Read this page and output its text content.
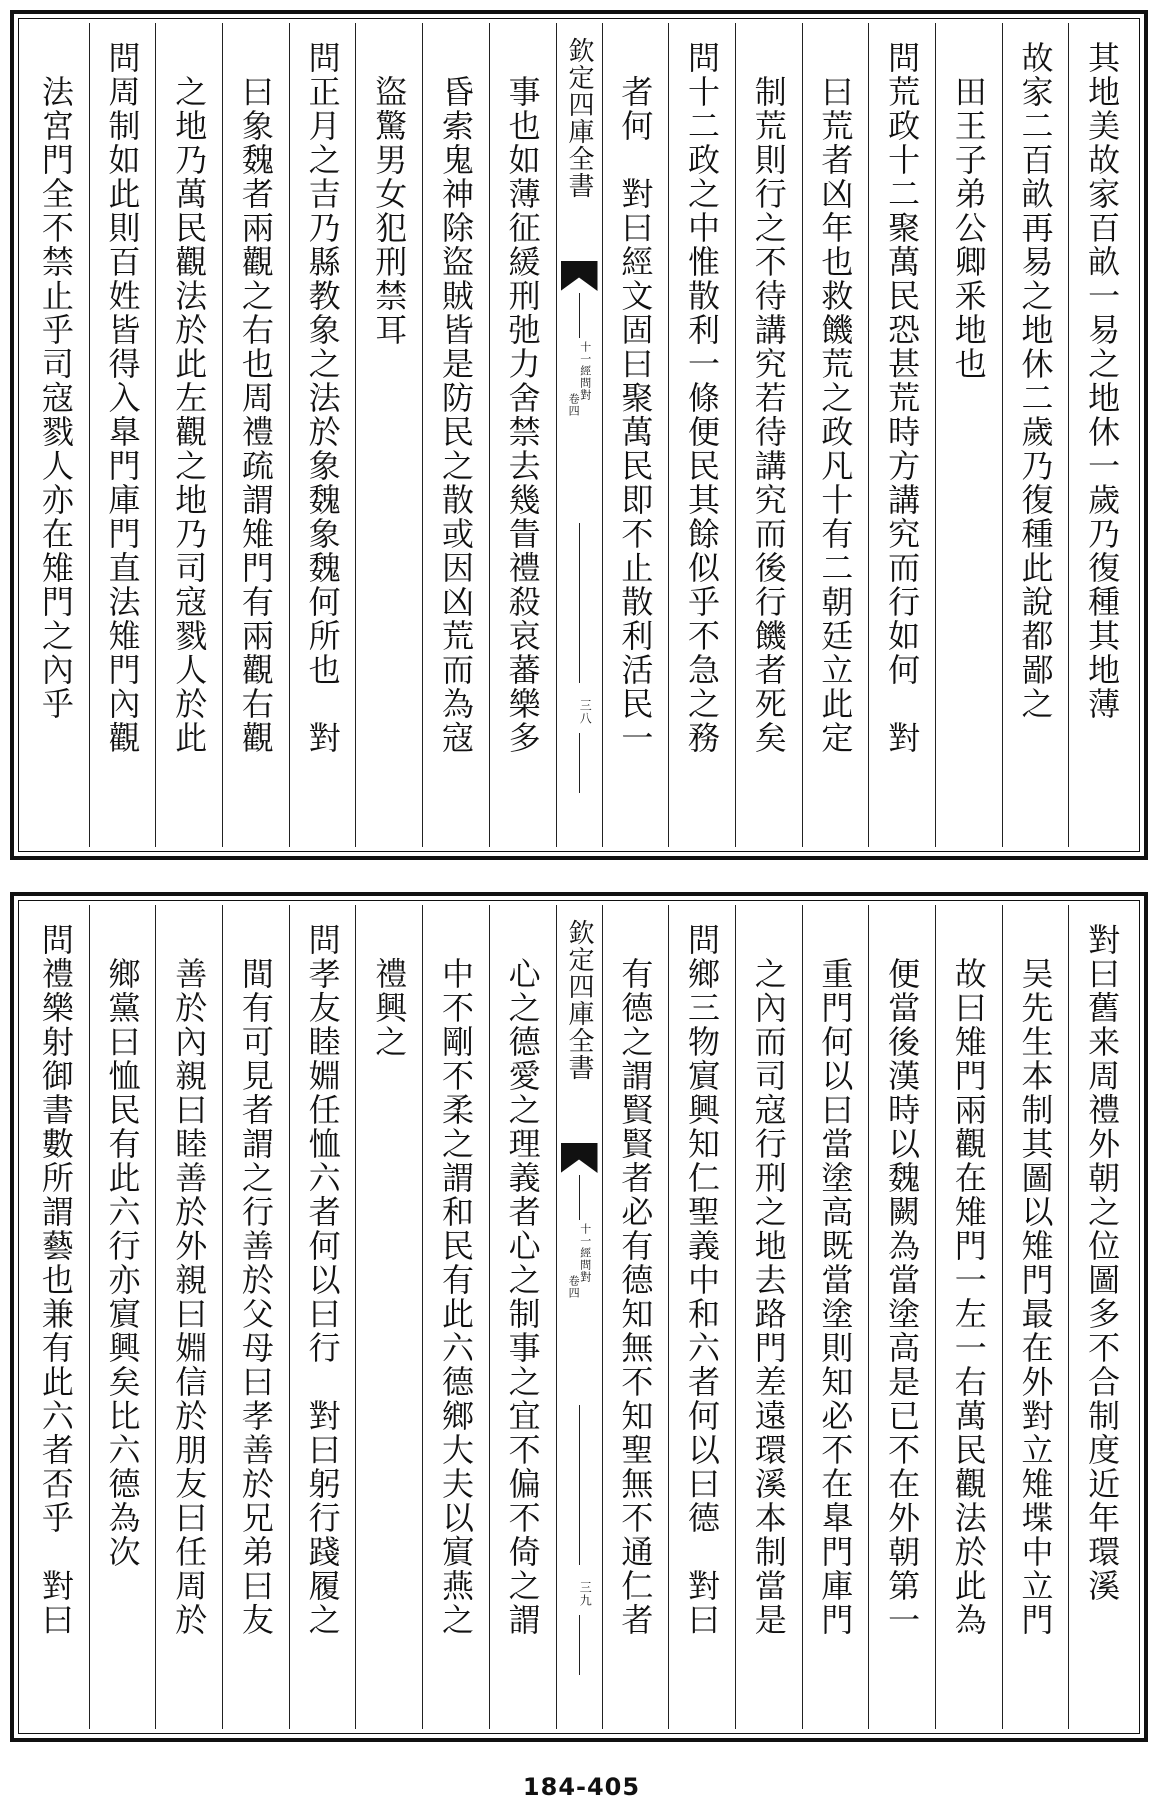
其地美故家百畝一易之地休一歲乃復種其地薄
故家二百畝再易之地休二歲乃復種此說都鄙之
田王子弟公卿釆地也
問荒政十二聚萬民恐甚荒時方講究而行如何　對
曰荒者凶年也救饑荒之政凡十有二朝廷立此定
制荒則行之不待講究若待講究而後行饑者死矣
問十二政之中惟散利一條便民其餘似乎不急之務
者何　對曰經文固曰聚萬民即不止散利活民一
欽定四庫全書
十一經問對
卷四
三八
事也如薄征緩刑弛力舍禁去幾眚禮殺哀蕃樂多
昏索鬼神除盜賊皆是防民之散或因凶荒而為寇
盜驚男女犯刑禁耳
問正月之吉乃縣教象之法於象魏象魏何所也　對
曰象魏者兩觀之右也周禮疏謂雉門有兩觀右觀
之地乃萬民觀法於此左觀之地乃司寇戮人於此
問周制如此則百姓皆得入臯門庫門直法雉門內觀
法宮門全不禁止乎司寇戮人亦在雉門之內乎
對曰舊来周禮外朝之位圖多不合制度近年環溪
吴先生本制其圖以雉門最在外對立雉堞中立門
故曰雉門兩觀在雉門一左一右萬民觀法於此為
便當後漢時以魏闕為當塗高是已不在外朝第一
重門何以曰當塗高既當塗則知必不在臯門庫門
之內而司寇行刑之地去路門差遠環溪本制當是
問鄉三物賔興知仁聖義中和六者何以曰德　對曰
有德之謂賢賢者必有德知無不知聖無不通仁者
欽定四庫全書
十一經問對
卷四
三九
心之德愛之理義者心之制事之宜不偏不倚之謂
中不剛不柔之謂和民有此六德鄉大夫以賔燕之
禮興之
問孝友睦婣任恤六者何以曰行　對曰躬行踐履之
間有可見者謂之行善於父母曰孝善於兄弟曰友
善於內親曰睦善於外親曰婣信於朋友曰任周於
鄉黨曰恤民有此六行亦賔興矣比六德為次
問禮樂射御書數所謂藝也兼有此六者否乎　對曰
184-405
